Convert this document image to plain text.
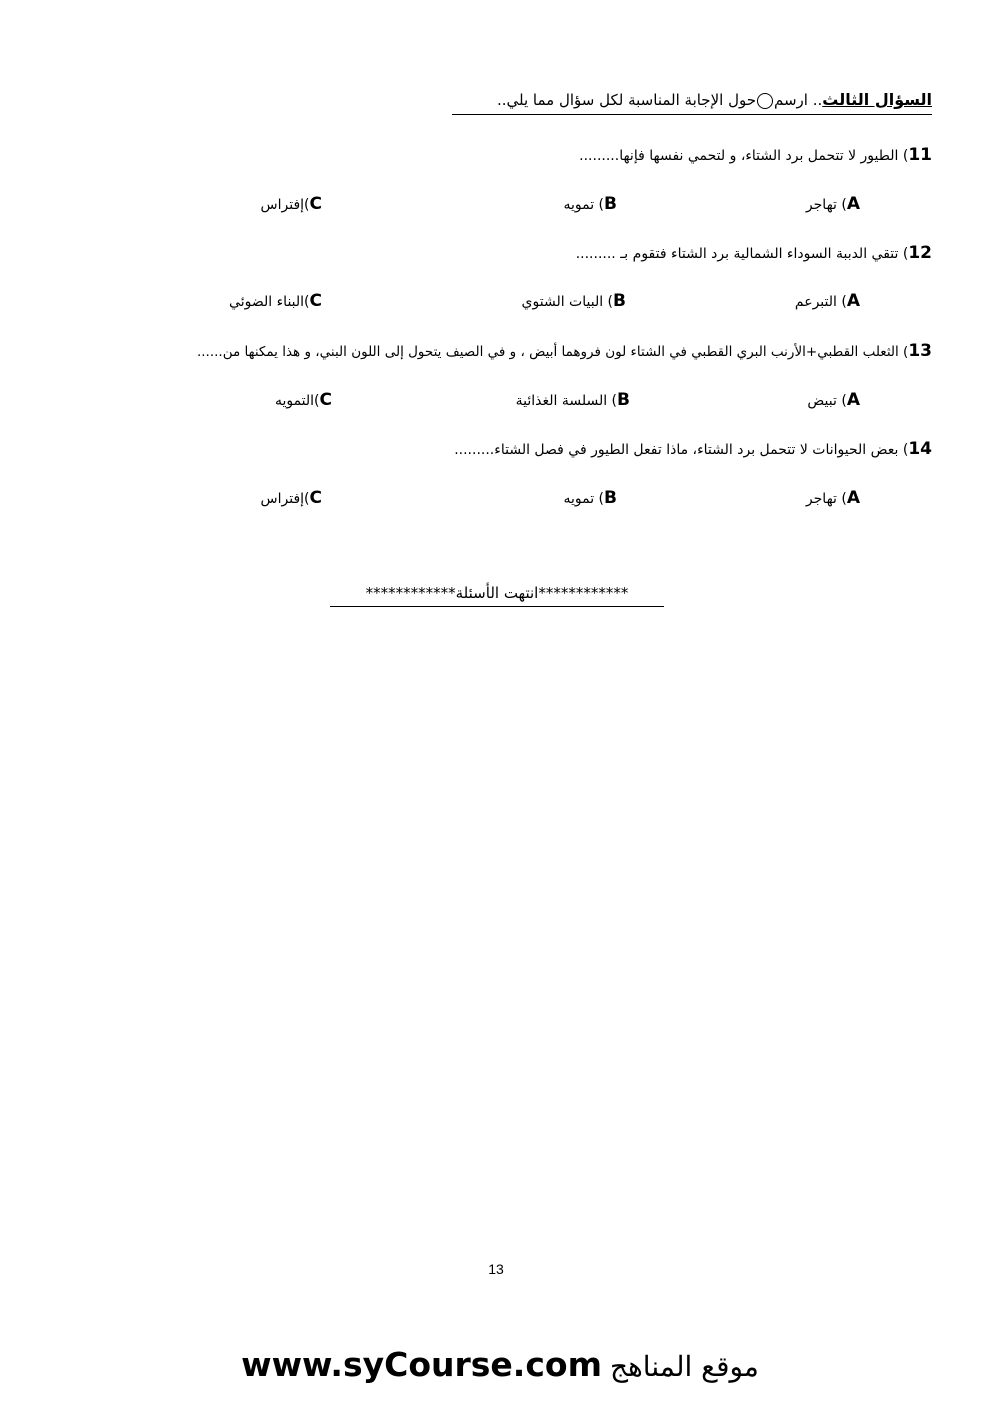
السؤال الثالث.. ارسمحول الإجابة المناسبة لكل سؤال مما يلي..
11) الطيور لا تتحمل برد الشتاء، و لتحمي نفسها فإنها.........
A) تهاجر
B) تمويه
C)إفتراس
12) تتقي الدببة السوداء الشمالية برد الشتاء فتقوم بـ .........
A) التبرعم
B) البيات الشتوي
C)البناء الضوئي
13) الثعلب القطبي+الأرنب البري القطبي في الشتاء لون فروهما أبيض ، و في الصيف يتحول إلى اللون البني، و هذا يمكنها من......
A) تبيض
B) السلسة الغذائية
C)التمويه
14) بعض الحيوانات لا تتحمل برد الشتاء، ماذا تفعل الطيور في فصل الشتاء.........
A) تهاجر
B) تمويه
C)إفتراس
************انتهت الأسئلة************
13
www.syCourse.com موقع المناهج
